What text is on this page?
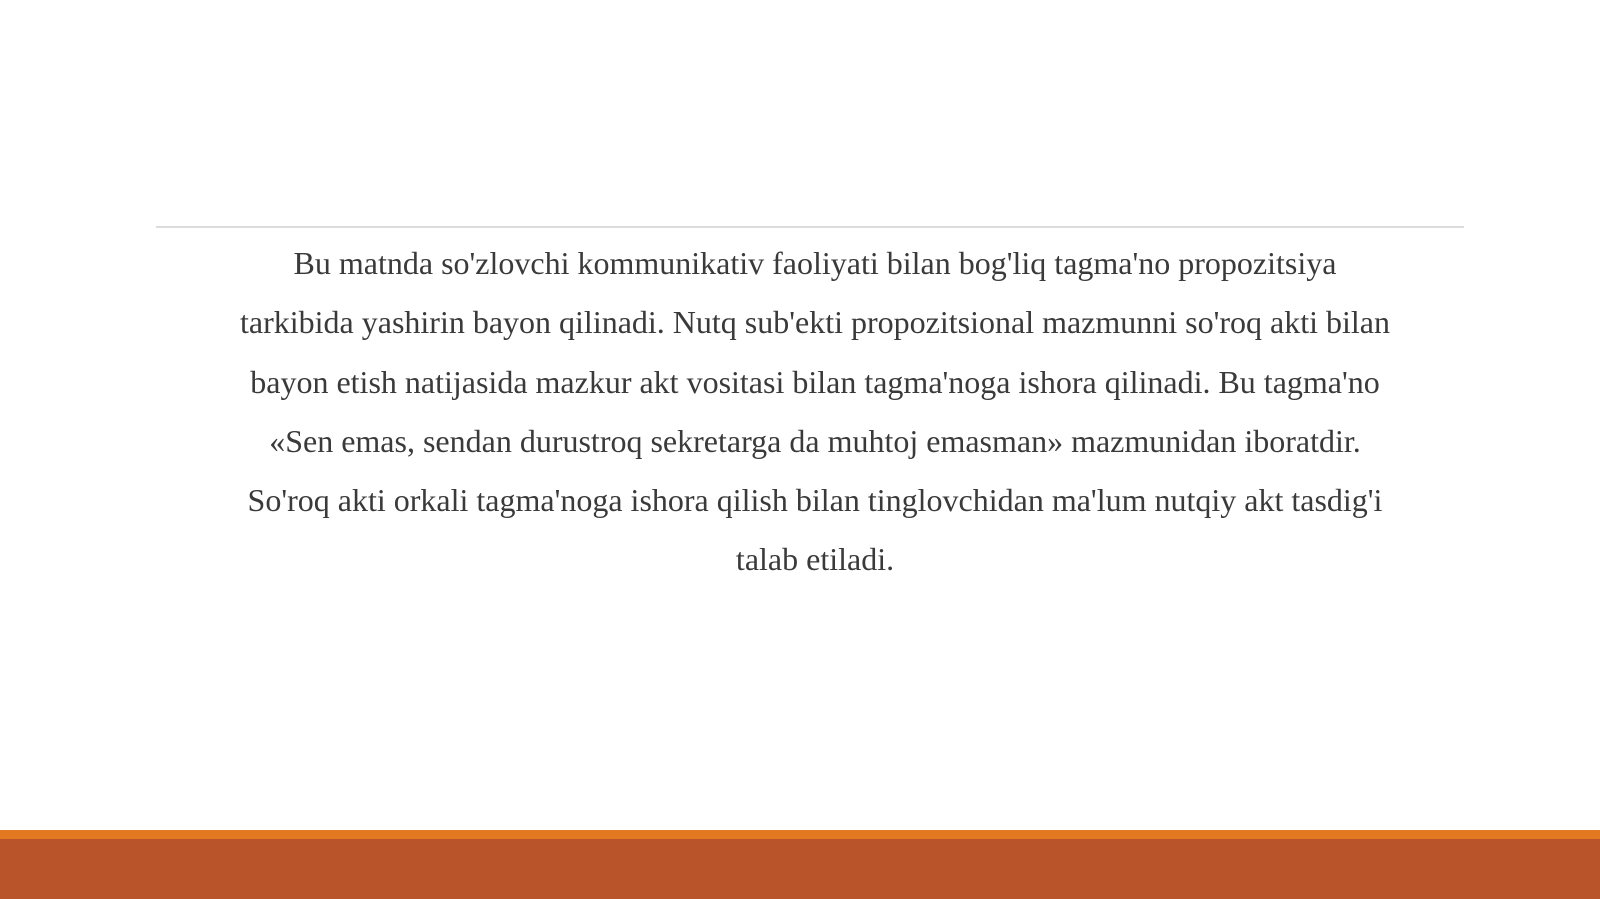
Bu matnda so'zlovchi kommunikativ faoliyati bilan bog'liq tagma'no propozitsiya tarkibida yashirin bayon qilinadi. Nutq sub'ekti propozitsional mazmunni so'roq akti bilan bayon etish natijasida mazkur akt vositasi bilan tagma'noga ishora qilinadi. Bu tagma'no «Sen emas, sendan durustroq sekretarga da muhtoj emasman» mazmunidan iboratdir. So'roq akti orkali tagma'noga ishora qilish bilan tinglovchidan ma'lum nutqiy akt tasdig'i talab etiladi.
